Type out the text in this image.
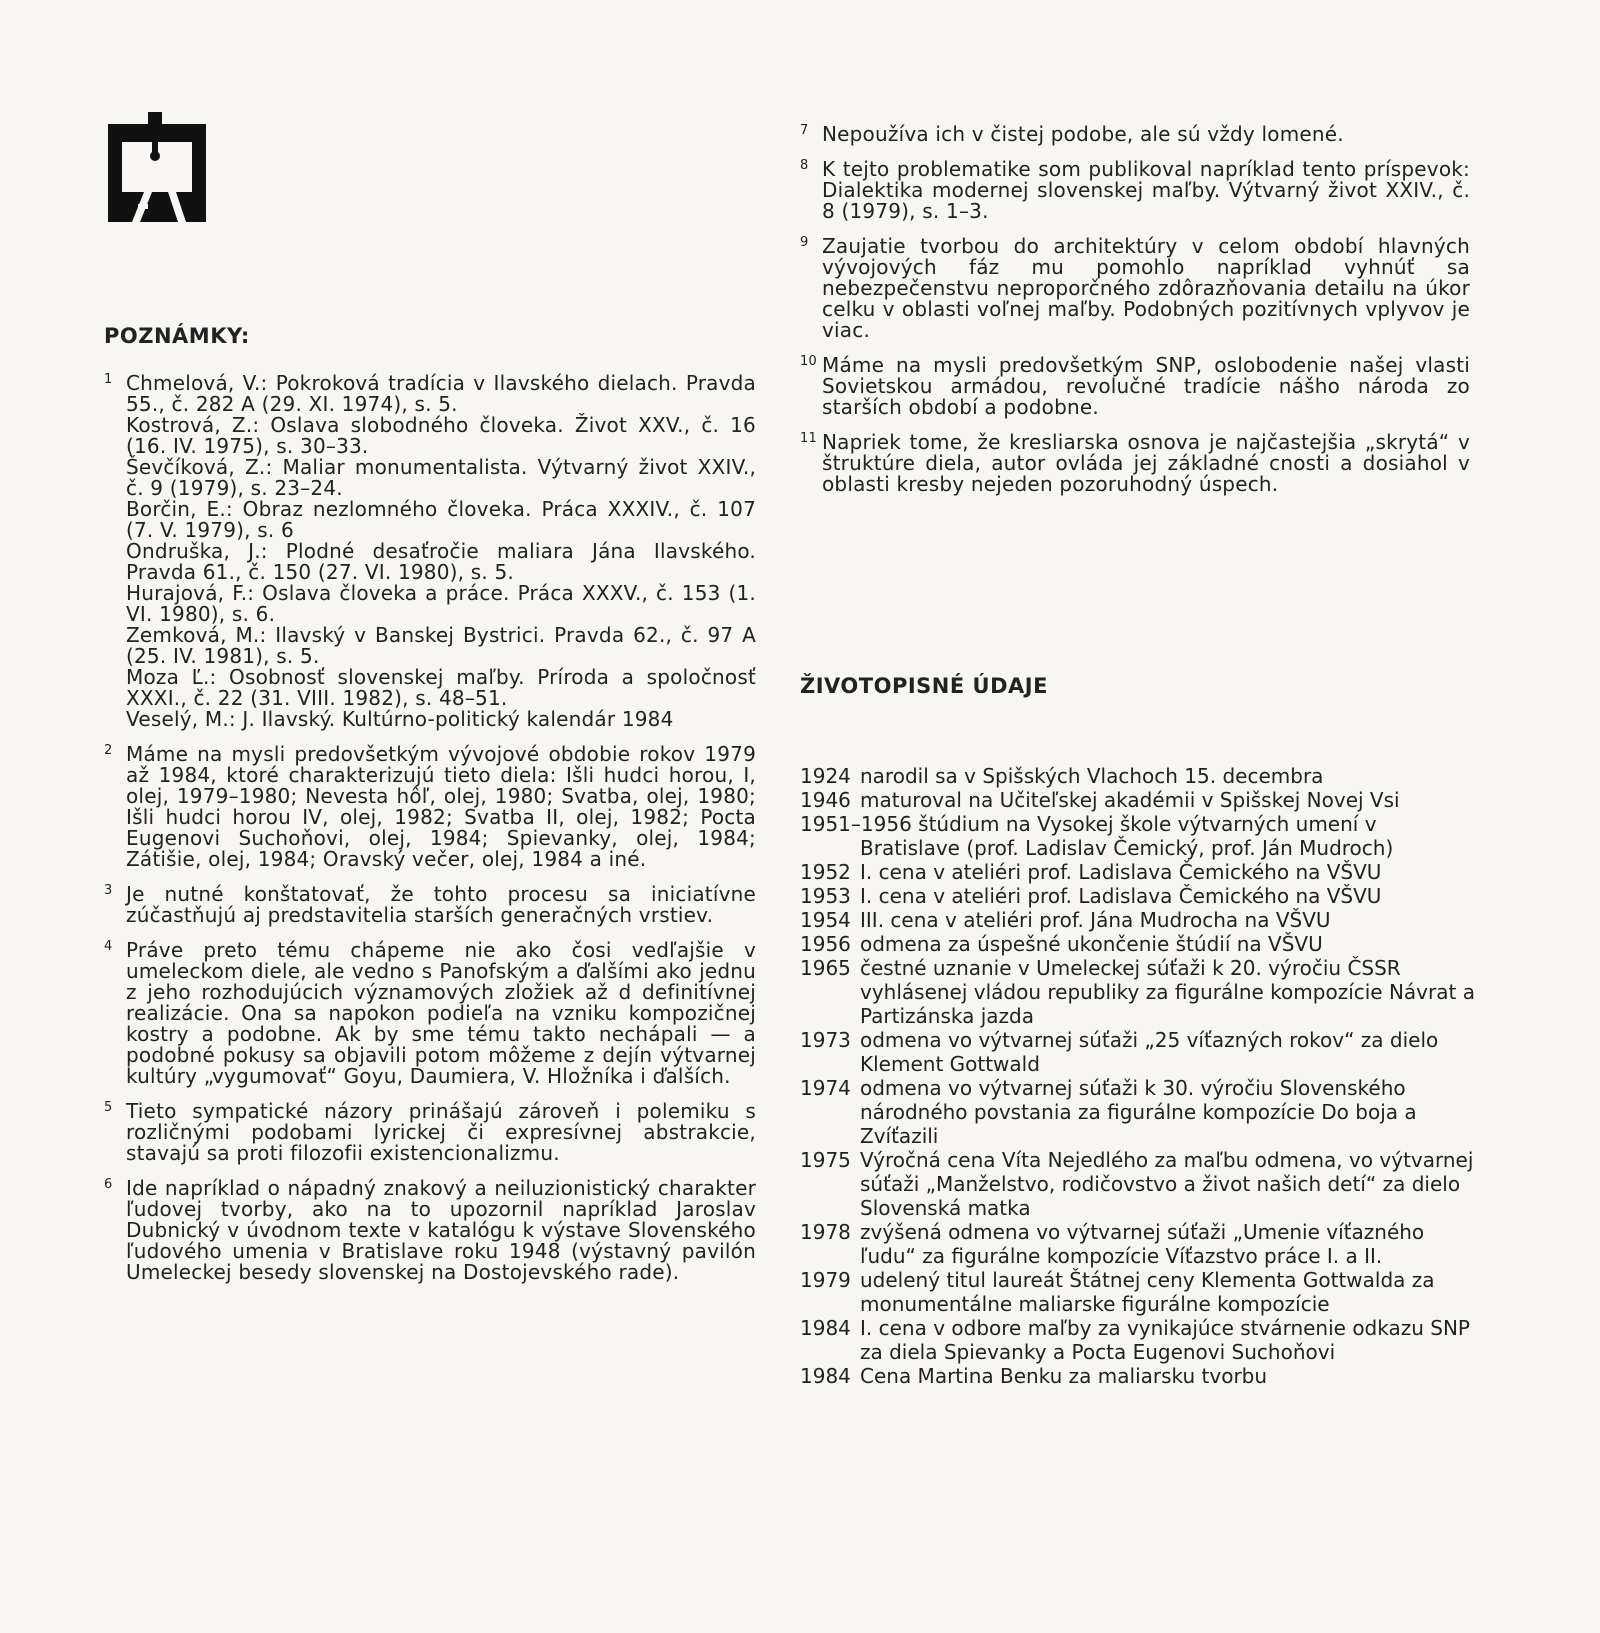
POZNÁMKY:
1 Chmelová, V.: Pokroková tradícia v Ilavského dielach. Pravda 55., č. 282 A (29. XI. 1974), s. 5.
Kostrová, Z.: Oslava slobodného človeka. Život XXV., č. 16 (16. IV. 1975), s. 30–33.
Ševčíková, Z.: Maliar monumentalista. Výtvarný život XXIV., č. 9 (1979), s. 23–24.
Borčin, E.: Obraz nezlomného človeka. Práca XXXIV., č. 107 (7. V. 1979), s. 6
Ondruška, J.: Plodné desaťročie maliara Jána Ilavského. Pravda 61., č. 150 (27. VI. 1980), s. 5.
Hurajová, F.: Oslava človeka a práce. Práca XXXV., č. 153 (1. VI. 1980), s. 6.
Zemková, M.: Ilavský v Banskej Bystrici. Pravda 62., č. 97 A (25. IV. 1981), s. 5.
Moza Ľ.: Osobnosť slovenskej maľby. Príroda a spoločnosť XXXI., č. 22 (31. VIII. 1982), s. 48–51.
Veselý, M.: J. Ilavský. Kultúrno-politický kalendár 1984
2 Máme na mysli predovšetkým vývojové obdobie rokov 1979 až 1984, ktoré charakterizujú tieto diela: Išli hudci horou, I, olej, 1979–1980; Nevesta hôľ, olej, 1980; Svatba, olej, 1980; Išli hudci horou IV, olej, 1982; Svatba II, olej, 1982; Pocta Eugenovi Suchoňovi, olej, 1984; Spievanky, olej, 1984; Zátišie, olej, 1984; Oravský večer, olej, 1984 a iné.
3 Je nutné konštatovať, že tohto procesu sa iniciatívne zúčastňujú aj predstavitelia starších generačných vrstiev.
4 Práve preto tému chápeme nie ako čosi vedľajšie v umeleckom diele, ale vedno s Panofským a ďalšími ako jednu z jeho rozhodujúcich významových zložiek až d definitívnej realizácie. Ona sa napokon podieľa na vzniku kompozičnej kostry a podobne. Ak by sme tému takto nechápali — a podobné pokusy sa objavili potom môžeme z dejín výtvarnej kultúry „vygumovať“ Goyu, Daumiera, V. Hložníka i ďalších.
5 Tieto sympatické názory prinášajú zároveň i polemiku s rozličnými podobami lyrickej či expresívnej abstrakcie, stavajú sa proti filozofii existencionalizmu.
6 Ide napríklad o nápadný znakový a neiluzionistický charakter ľudovej tvorby, ako na to upozornil napríklad Jaroslav Dubnický v úvodnom texte v katalógu k výstave Slovenského ľudového umenia v Bratislave roku 1948 (výstavný pavilón Umeleckej besedy slovenskej na Dostojevského rade).
7 Nepoužíva ich v čistej podobe, ale sú vždy lomené.
8 K tejto problematike som publikoval napríklad tento príspevok: Dialektika modernej slovenskej maľby. Výtvarný život XXIV., č. 8 (1979), s. 1–3.
9 Zaujatie tvorbou do architektúry v celom období hlavných vývojových fáz mu pomohlo napríklad vyhnúť sa nebezpečenstvu neproporčného zdôrazňovania detailu na úkor celku v oblasti voľnej maľby. Podobných pozitívnych vplyvov je viac.
10 Máme na mysli predovšetkým SNP, oslobodenie našej vlasti Sovietskou armádou, revolučné tradície nášho národa zo starších období a podobne.
11 Napriek tome, že kresliarska osnova je najčastejšia „skrytá“ v štruktúre diela, autor ovláda jej základné cnosti a dosiahol v oblasti kresby nejeden pozoruhodný úspech.
ŽIVOTOPISNÉ ÚDAJE
1924 narodil sa v Spišských Vlachoch 15. decembra
1946 maturoval na Učiteľskej akadémii v Spišskej Novej Vsi
1951–1956 štúdium na Vysokej škole výtvarných umení v Bratislave (prof. Ladislav Čemický, prof. Ján Mudroch)
1952 I. cena v ateliéri prof. Ladislava Čemického na VŠVU
1953 I. cena v ateliéri prof. Ladislava Čemického na VŠVU
1954 III. cena v ateliéri prof. Jána Mudrocha na VŠVU
1956 odmena za úspešné ukončenie štúdií na VŠVU
1965 čestné uznanie v Umeleckej súťaži k 20. výročiu ČSSR vyhlásenej vládou republiky za figurálne kompozície Návrat a Partizánska jazda
1973 odmena vo výtvarnej súťaži „25 víťazných rokov“ za dielo Klement Gottwald
1974 odmena vo výtvarnej súťaži k 30. výročiu Slovenského národného povstania za figurálne kompozície Do boja a Zvíťazili
1975 Výročná cena Víta Nejedlého za maľbu odmena, vo výtvarnej súťaži „Manželstvo, rodičovstvo a život našich detí“ za dielo Slovenská matka
1978 zvýšená odmena vo výtvarnej súťaži „Umenie víťazného ľudu“ za figurálne kompozície Víťazstvo práce I. a II.
1979 udelený titul laureát Štátnej ceny Klementa Gottwalda za monumentálne maliarske figurálne kompozície
1984 I. cena v odbore maľby za vynikajúce stvárnenie odkazu SNP za diela Spievanky a Pocta Eugenovi Suchoňovi
1984 Cena Martina Benku za maliarsku tvorbu
